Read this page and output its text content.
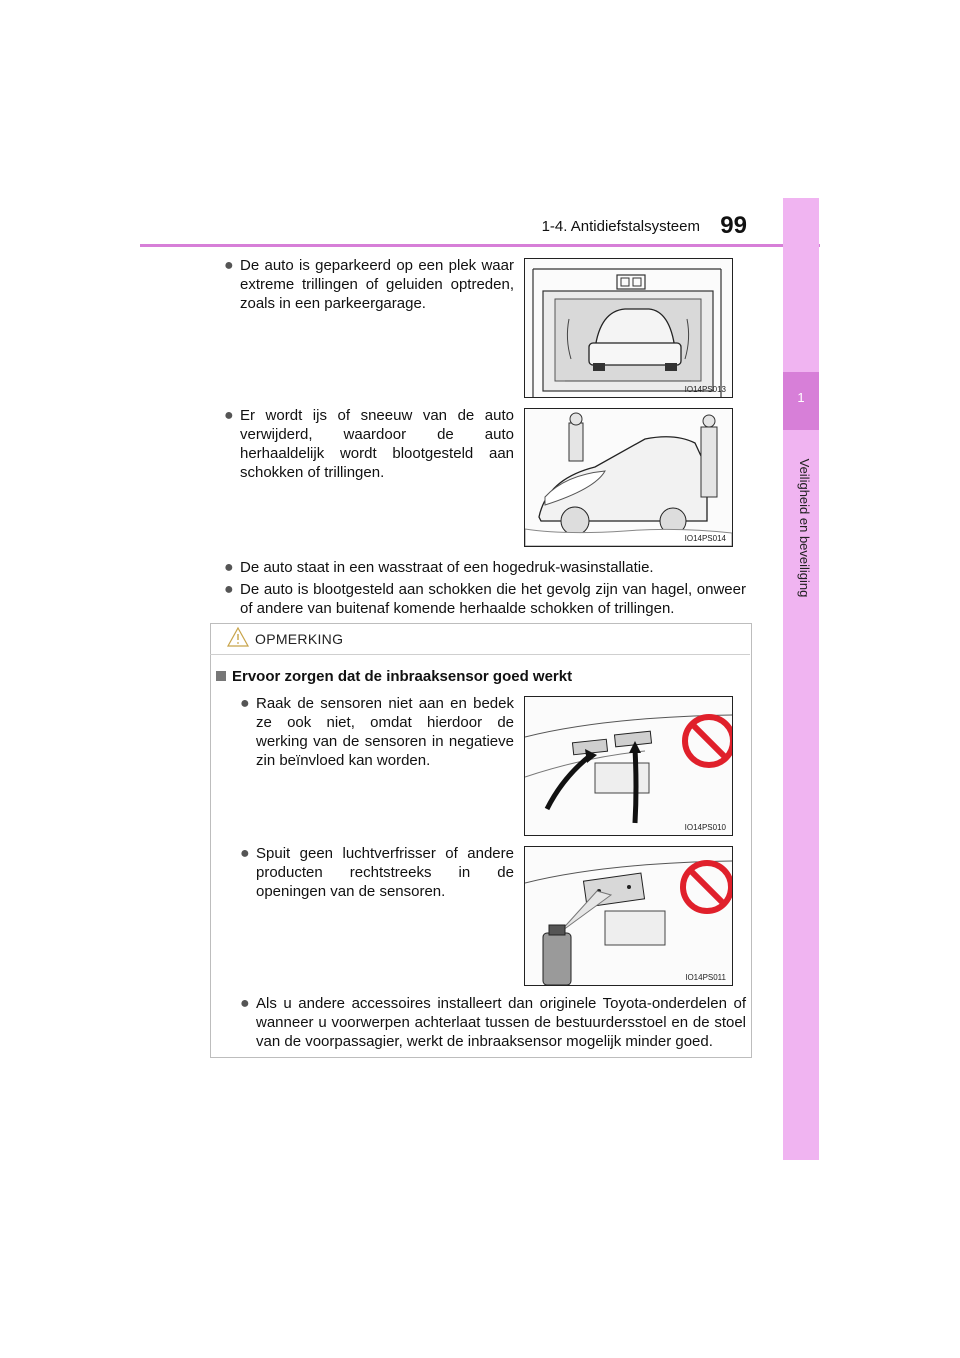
1-4. Antidiefstalsysteem 99
1
Veiligheid en beveiliging
● De auto is geparkeerd op een plek waar extreme trillingen of geluiden optreden, zoals in een parkeergarage.
IO14PS013
● Er wordt ijs of sneeuw van de auto verwijderd, waardoor de auto herhaaldelijk wordt blootgesteld aan schokken of trillingen.
IO14PS014
● De auto staat in een wasstraat of een hogedruk-wasinstallatie.
● De auto is blootgesteld aan schokken die het gevolg zijn van hagel, onweer of andere van buitenaf komende herhaalde schokken of trillingen.
OPMERKING
Ervoor zorgen dat de inbraaksensor goed werkt
● Raak de sensoren niet aan en bedek ze ook niet, omdat hierdoor de werking van de sensoren in negatieve zin beïnvloed kan worden.
IO14PS010
● Spuit geen luchtverfrisser of andere producten rechtstreeks in de openingen van de sensoren.
IO14PS011
● Als u andere accessoires installeert dan originele Toyota-onderdelen of wanneer u voorwerpen achterlaat tussen de bestuurdersstoel en de stoel van de voorpassagier, werkt de inbraaksensor mogelijk minder goed.
